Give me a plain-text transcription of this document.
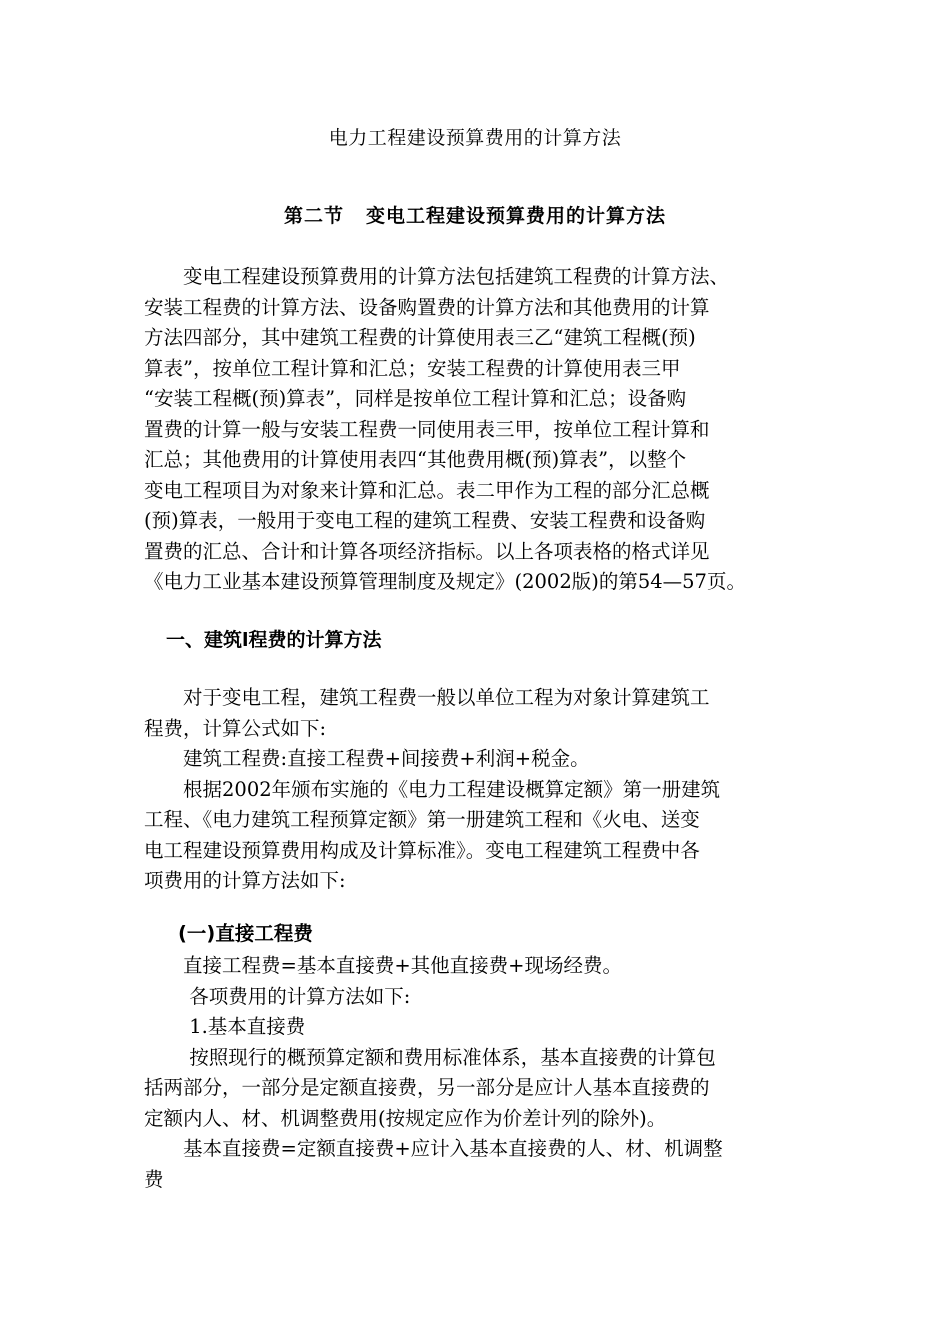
电力工程建设预算费用的计算方法
第二节 变电工程建设预算费用的计算方法
　　变电工程建设预算费用的计算方法包括建筑工程费的计算方法、
安装工程费的计算方法、设备购置费的计算方法和其他费用的计算
方法四部分，其中建筑工程费的计算使用表三乙“建筑工程概(预)
算表”，按单位工程计算和汇总；安装工程费的计算使用表三甲
“安装工程概(预)算表”，同样是按单位工程计算和汇总；设备购
置费的计算一般与安装工程费一同使用表三甲，按单位工程计算和
汇总；其他费用的计算使用表四“其他费用概(预)算表”，以整个
变电工程项目为对象来计算和汇总。表二甲作为工程的部分汇总概
(预)算表，一般用于变电工程的建筑工程费、安装工程费和设备购
置费的汇总、合计和计算各项经济指标。以上各项表格的格式详见
《电力工业基本建设预算管理制度及规定》(2002版)的第54—57页。
一、建筑l程费的计算方法
　　对于变电工程，建筑工程费一般以单位工程为对象计算建筑工
程费，计算公式如下:
　　建筑工程费:直接工程费+间接费+利润+税金。
　　根据2002年颁布实施的《电力工程建设概算定额》第一册建筑
工程、《电力建筑工程预算定额》第一册建筑工程和《火电、送变
电工程建设预算费用构成及计算标准》。变电工程建筑工程费中各
项费用的计算方法如下:
(一)直接工程费
　　直接工程费=基本直接费+其他直接费+现场经费。
　　 各项费用的计算方法如下:
　　 1.基本直接费
　　 按照现行的概预算定额和费用标准体系，基本直接费的计算包
括两部分，一部分是定额直接费，另一部分是应计人基本直接费的
定额内人、材、机调整费用(按规定应作为价差计列的除外)。
　　基本直接费=定额直接费+应计入基本直接费的人、材、机调整
费
